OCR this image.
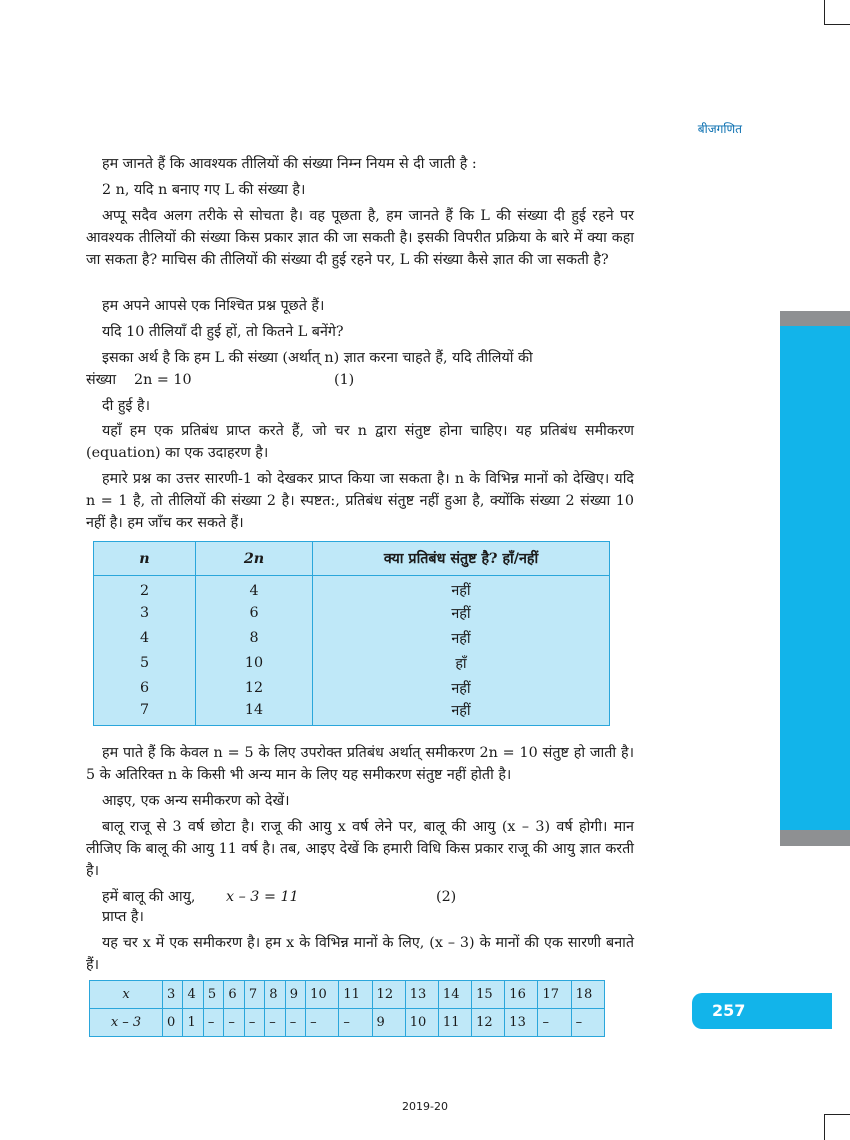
बीजगणित
257

हम जानते हैं कि आवश्यक तीलियों की संख्या निम्न नियम से दी जाती है :

2 n, यदि n बनाए गए L की संख्या है।

अप्पू सदैव अलग तरीके से सोचता है। वह पूछता है, हम जानते हैं कि L की संख्या दी हुई रहने पर आवश्यक तीलियों की संख्या किस प्रकार ज्ञात की जा सकती है। इसकी विपरीत प्रक्रिया के बारे में क्या कहा जा सकता है? माचिस की तीलियों की संख्या दी हुई रहने पर, L की संख्या कैसे ज्ञात की जा सकती है?

हम अपने आपसे एक निश्चित प्रश्न पूछते हैं।

यदि 10 तीलियाँ दी हुई हों, तो कितने L बनेंगे?

इसका अर्थ है कि हम L की संख्या (अर्थात् n) ज्ञात करना चाहते हैं, यदि तीलियों की

संख्या 2n = 10	(1)

दी हुई है।

यहाँ हम एक प्रतिबंध प्राप्त करते हैं, जो चर n द्वारा संतुष्ट होना चाहिए। यह प्रतिबंध समीकरण (equation) का एक उदाहरण है।

हमारे प्रश्न का उत्तर सारणी-1 को देखकर प्राप्त किया जा सकता है। n के विभिन्न मानों को देखिए। यदि n = 1 है, तो तीलियों की संख्या 2 है। स्पष्टत:, प्रतिबंध संतुष्ट नहीं हुआ है, क्योंकि संख्या 2 संख्या 10 नहीं है। हम जाँच कर सकते हैं।

n	2n	क्या प्रतिबंध संतुष्ट है? हाँ/नहीं
2	4	नहीं
3	6	नहीं
4	8	नहीं
5	10	हाँ
6	12	नहीं
7	14	नहीं

हम पाते हैं कि केवल n = 5 के लिए उपरोक्त प्रतिबंध अर्थात् समीकरण 2n = 10 संतुष्ट हो जाती है। 5 के अतिरिक्त n के किसी भी अन्य मान के लिए यह समीकरण संतुष्ट नहीं होती है।

आइए, एक अन्य समीकरण को देखें।

बालू राजू से 3 वर्ष छोटा है। राजू की आयु x वर्ष लेने पर, बालू की आयु (x – 3) वर्ष होगी। मान लीजिए कि बालू की आयु 11 वर्ष है। तब, आइए देखें कि हमारी विधि किस प्रकार राजू की आयु ज्ञात करती है।

हमें बालू की आयु, x – 3 = 11	(2)

प्राप्त है।

यह चर x में एक समीकरण है। हम x के विभिन्न मानों के लिए, (x – 3) के मानों की एक सारणी बनाते हैं।

x	3	4	5	6	7	8	9	10	11	12	13	14	15	16	17	18
x – 3	0	1	–	–	–	–	–	–	–	9	10	11	12	13	–	–
2019-20
